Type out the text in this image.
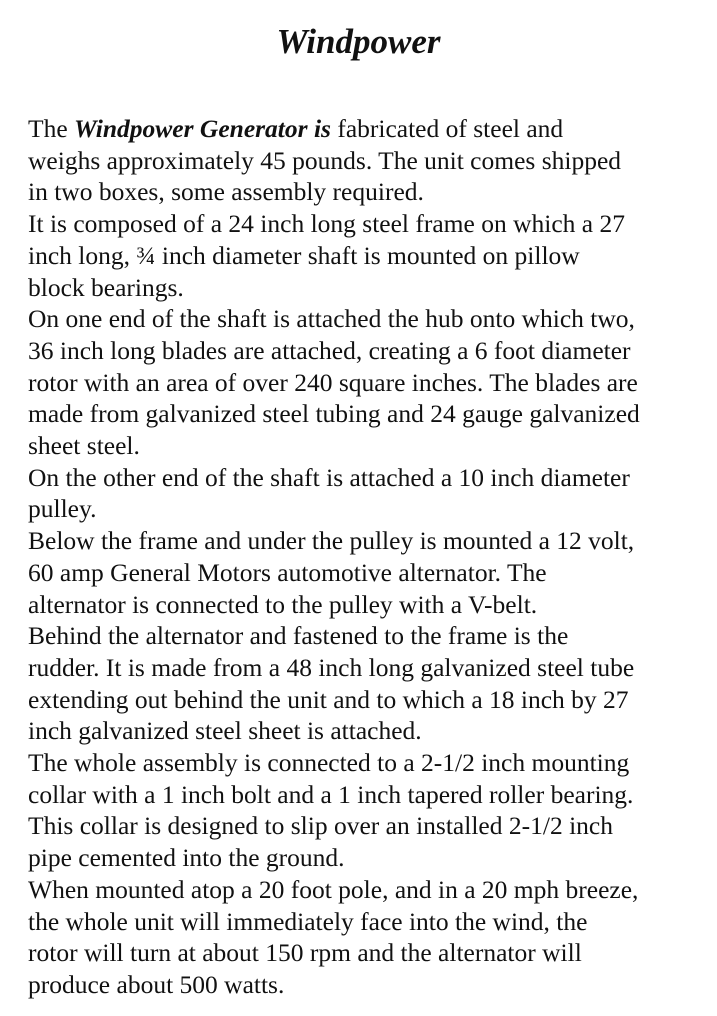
Windpower
The Windpower Generator is fabricated of steel and
weighs approximately 45 pounds. The unit comes shipped
in two boxes, some assembly required.
It is composed of a 24 inch long steel frame on which a 27
inch long, ¾ inch diameter shaft is mounted on pillow
block bearings.
On one end of the shaft is attached the hub onto which two,
36 inch long blades are attached, creating a 6 foot diameter
rotor with an area of over 240 square inches. The blades are
made from galvanized steel tubing and 24 gauge galvanized
sheet steel.
On the other end of the shaft is attached a 10 inch diameter
pulley.
Below the frame and under the pulley is mounted a 12 volt,
60 amp General Motors automotive alternator. The
alternator is connected to the pulley with a V-belt.
Behind the alternator and fastened to the frame is the
rudder. It is made from a 48 inch long galvanized steel tube
extending out behind the unit and to which a 18 inch by 27
inch galvanized steel sheet is attached.
The whole assembly is connected to a 2-1/2 inch mounting
collar with a 1 inch bolt and a 1 inch tapered roller bearing.
This collar is designed to slip over an installed 2-1/2 inch
pipe cemented into the ground.
When mounted atop a 20 foot pole, and in a 20 mph breeze,
the whole unit will immediately face into the wind, the
rotor will turn at about 150 rpm and the alternator will
produce about 500 watts.
